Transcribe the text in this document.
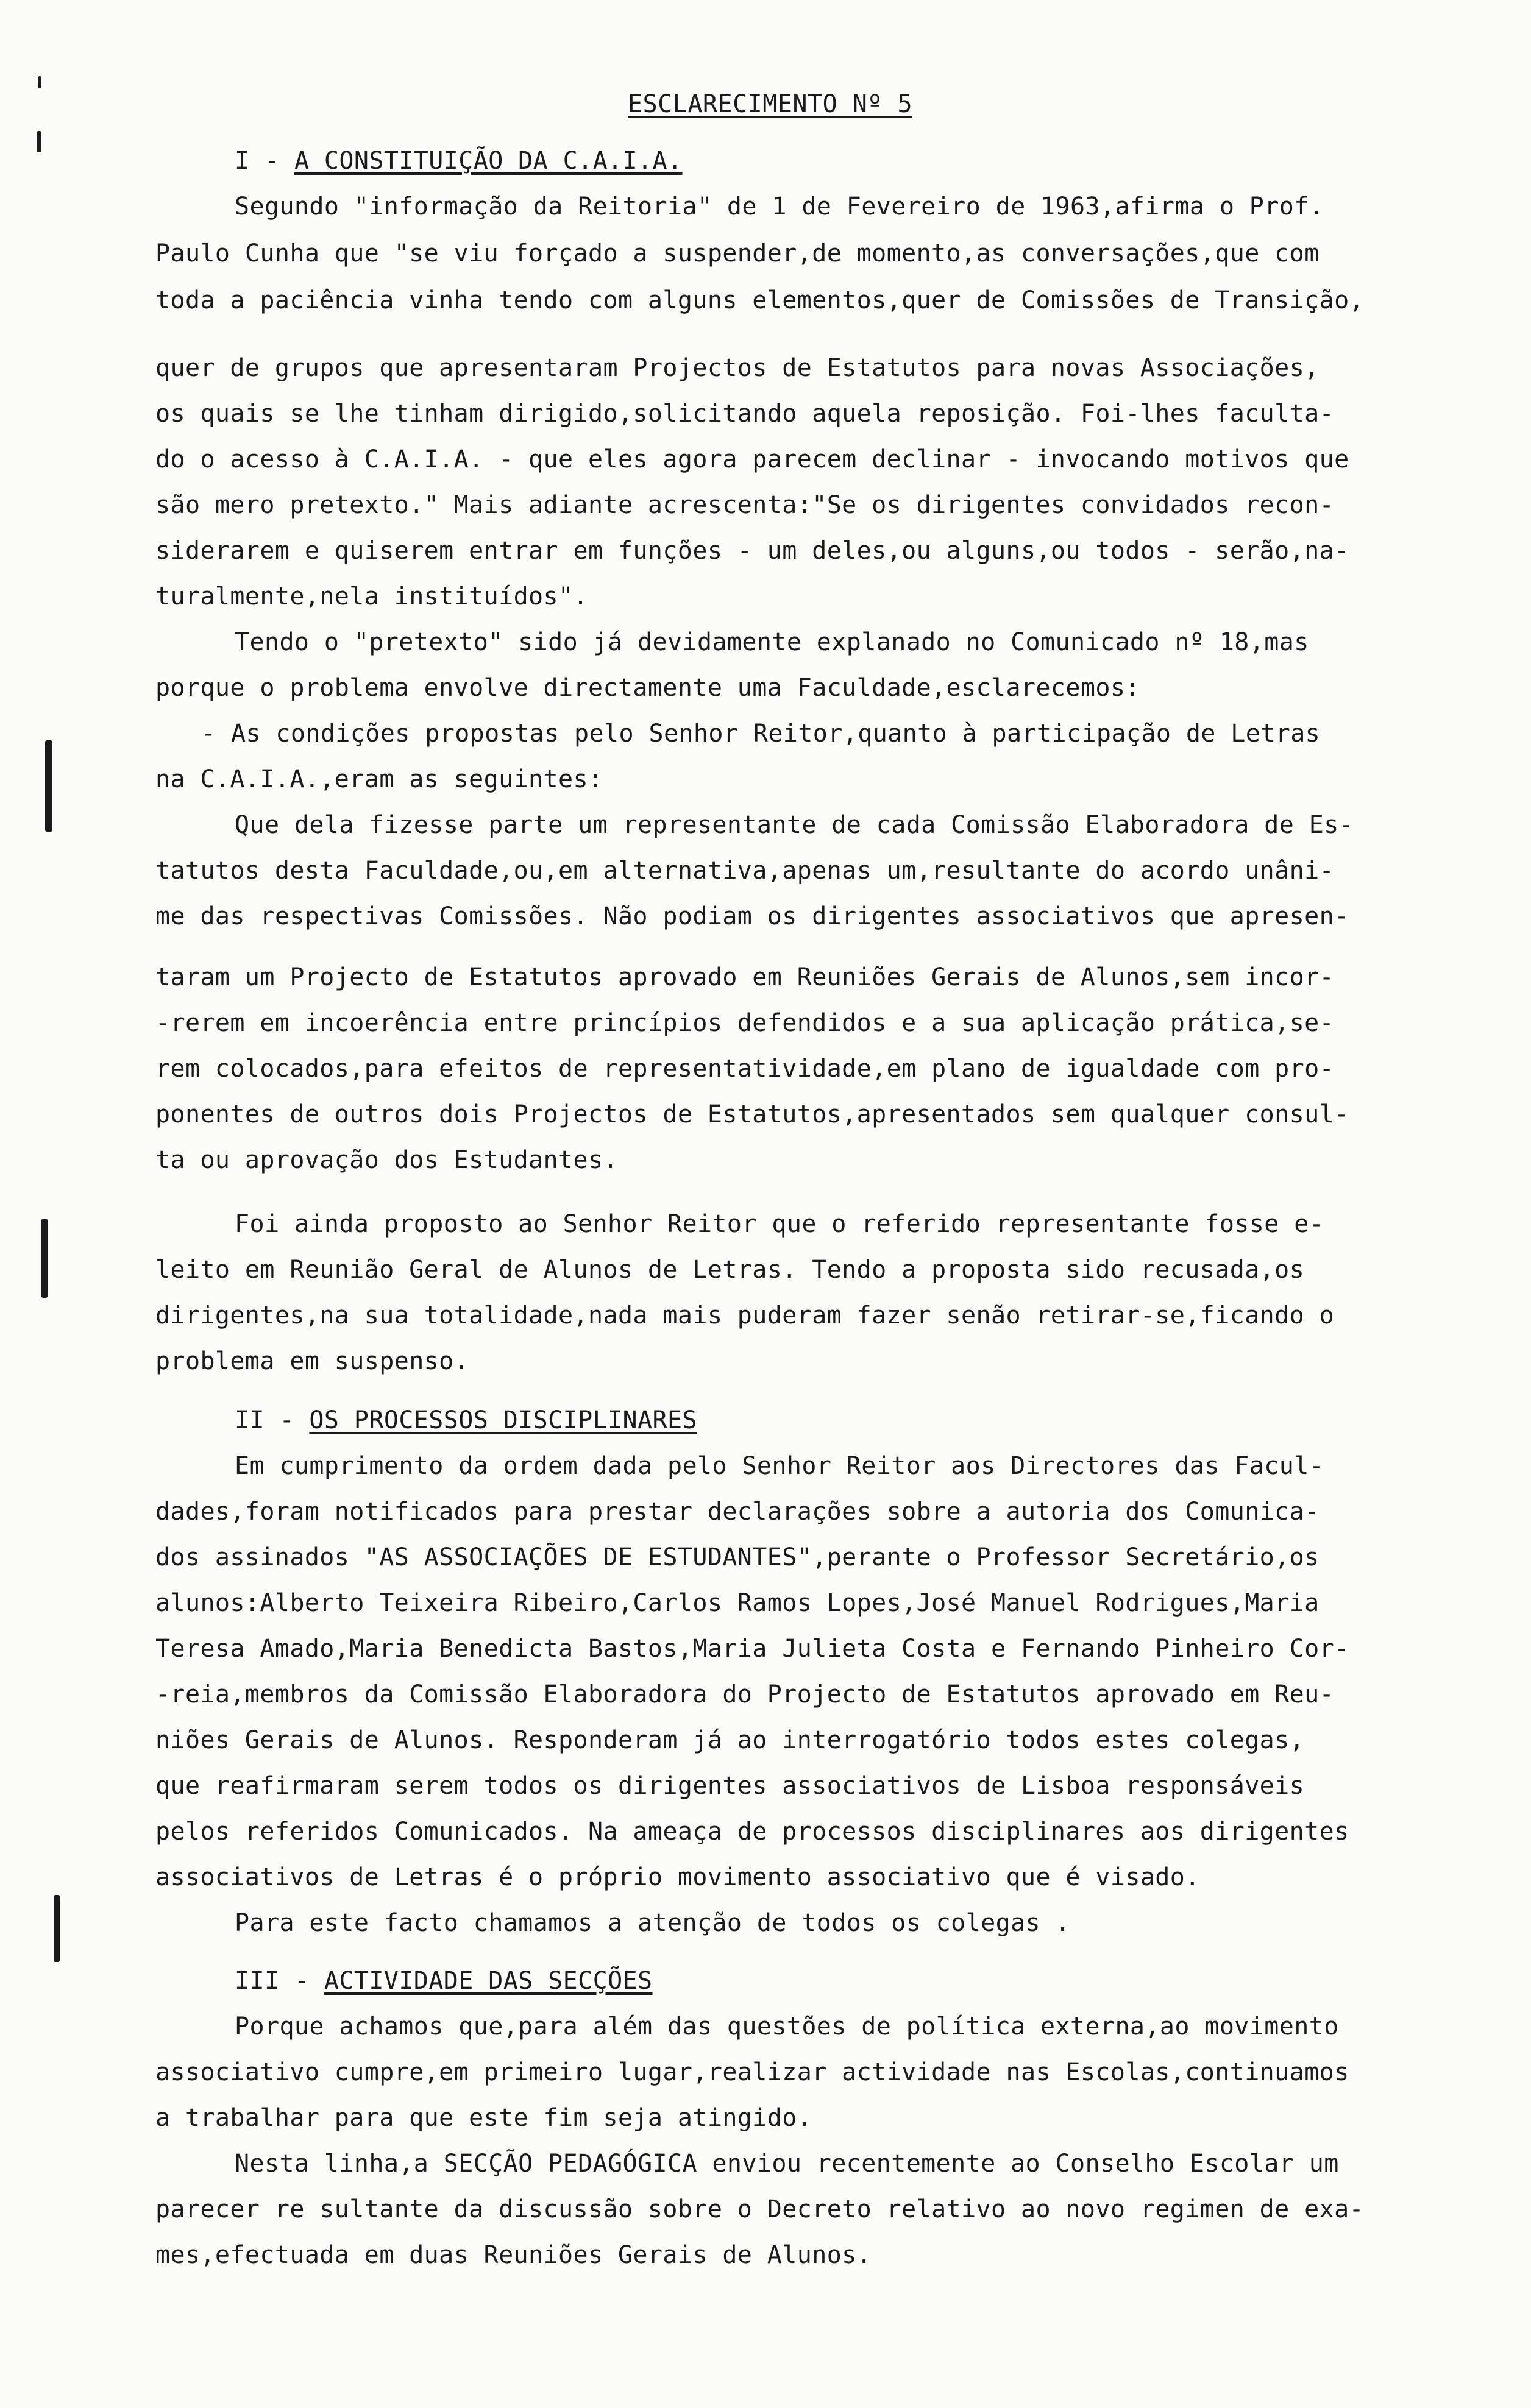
ESCLARECIMENTO Nº 5
I - A CONSTITUIÇÃO DA C.A.I.A.
Segundo "informação da Reitoria" de 1 de Fevereiro de 1963,afirma o Prof.
Paulo Cunha que "se viu forçado a suspender,de momento,as conversações,que com
toda a paciência vinha tendo com alguns elementos,quer de Comissões de Transição,
quer de grupos que apresentaram Projectos de Estatutos para novas Associações,
os quais se lhe tinham dirigido,solicitando aquela reposição. Foi-lhes faculta-
do o acesso à C.A.I.A. - que eles agora parecem declinar - invocando motivos que
são mero pretexto." Mais adiante acrescenta:"Se os dirigentes convidados recon-
siderarem e quiserem entrar em funções - um deles,ou alguns,ou todos - serão,na-
turalmente,nela instituídos".
Tendo o "pretexto" sido já devidamente explanado no Comunicado nº 18,mas
porque o problema envolve directamente uma Faculdade,esclarecemos:
- As condições propostas pelo Senhor Reitor,quanto à participação de Letras
na C.A.I.A.,eram as seguintes:
Que dela fizesse parte um representante de cada Comissão Elaboradora de Es-
tatutos desta Faculdade,ou,em alternativa,apenas um,resultante do acordo unâni-
me das respectivas Comissões. Não podiam os dirigentes associativos que apresen-
taram um Projecto de Estatutos aprovado em Reuniões Gerais de Alunos,sem incor-
-rerem em incoerência entre princípios defendidos e a sua aplicação prática,se-
rem colocados,para efeitos de representatividade,em plano de igualdade com pro-
ponentes de outros dois Projectos de Estatutos,apresentados sem qualquer consul-
ta ou aprovação dos Estudantes.
Foi ainda proposto ao Senhor Reitor que o referido representante fosse e-
leito em Reunião Geral de Alunos de Letras. Tendo a proposta sido recusada,os
dirigentes,na sua totalidade,nada mais puderam fazer senão retirar-se,ficando o
problema em suspenso.
II - OS PROCESSOS DISCIPLINARES
Em cumprimento da ordem dada pelo Senhor Reitor aos Directores das Facul-
dades,foram notificados para prestar declarações sobre a autoria dos Comunica-
dos assinados "AS ASSOCIAÇÕES DE ESTUDANTES",perante o Professor Secretário,os
alunos:Alberto Teixeira Ribeiro,Carlos Ramos Lopes,José Manuel Rodrigues,Maria
Teresa Amado,Maria Benedicta Bastos,Maria Julieta Costa e Fernando Pinheiro Cor-
-reia,membros da Comissão Elaboradora do Projecto de Estatutos aprovado em Reu-
niões Gerais de Alunos. Responderam já ao interrogatório todos estes colegas,
que reafirmaram serem todos os dirigentes associativos de Lisboa responsáveis
pelos referidos Comunicados. Na ameaça de processos disciplinares aos dirigentes
associativos de Letras é o próprio movimento associativo que é visado.
Para este facto chamamos a atenção de todos os colegas .
III - ACTIVIDADE DAS SECÇÕES
Porque achamos que,para além das questões de política externa,ao movimento
associativo cumpre,em primeiro lugar,realizar actividade nas Escolas,continuamos
a trabalhar para que este fim seja atingido.
Nesta linha,a SECÇÃO PEDAGÓGICA enviou recentemente ao Conselho Escolar um
parecer re sultante da discussão sobre o Decreto relativo ao novo regimen de exa-
mes,efectuada em duas Reuniões Gerais de Alunos.
